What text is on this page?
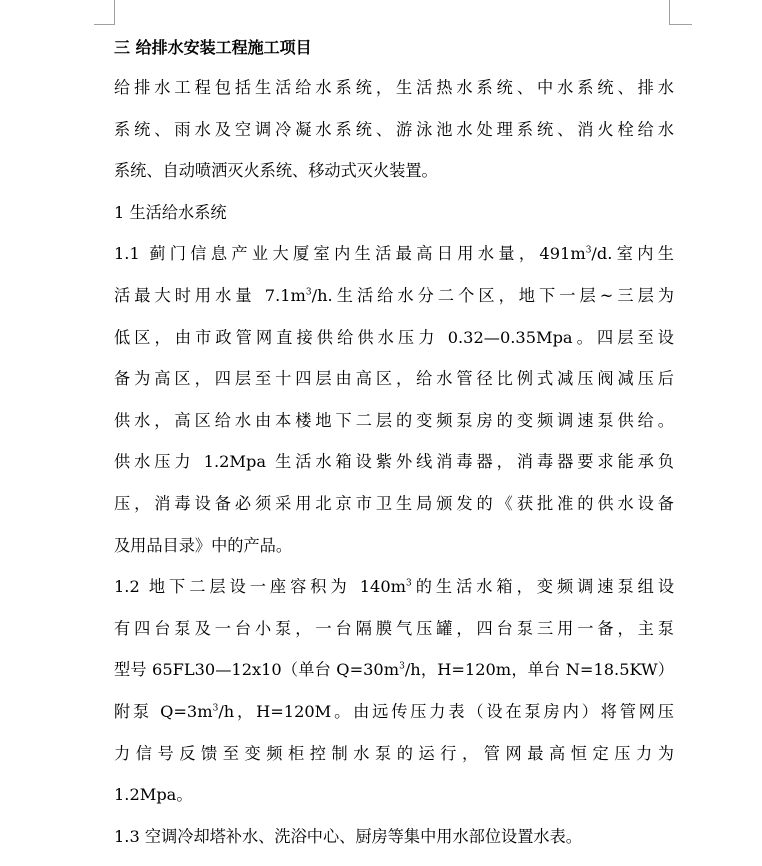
三 给排水安装工程施工项目

给排水工程包括生活给水系统，生活热水系统、中水系统、排水
系统、雨水及空调冷凝水系统、游泳池水处理系统、消火栓给水
系统、自动喷洒灭火系统、移动式灭火装置。

1 生活给水系统

1.1 蓟门信息产业大厦室内生活最高日用水量，$491m^3/d$.室内生
活最大时用水量 $7.1m^3/h$.生活给水分二个区，地下一层~三层为
低区，由市政管网直接供给供水压力 0.32—0.35Mpa。四层至设
备为高区，四层至十四层由高区，给水管径比例式减压阀减压后
供水，高区给水由本楼地下二层的变频泵房的变频调速泵供给。
供水压力 1.2Mpa 生活水箱设紫外线消毒器，消毒器要求能承负
压，消毒设备必须采用北京市卫生局颁发的《获批准的供水设备
及用品目录》中的产品。

1.2 地下二层设一座容积为 $140m^3$的生活水箱，变频调速泵组设
有四台泵及一台小泵，一台隔膜气压罐，四台泵三用一备，主泵
型号 65FL30—12x10（单台 $Q=30m^3/h$，H=120m，单台 N=18.5KW）
附泵 $Q=3m^3/h$，H=120M。由远传压力表（设在泵房内）将管网压
力信号反馈至变频柜控制水泵的运行，管网最高恒定压力为
1.2Mpa。

1.3 空调冷却塔补水、洗浴中心、厨房等集中用水部位设置水表。
